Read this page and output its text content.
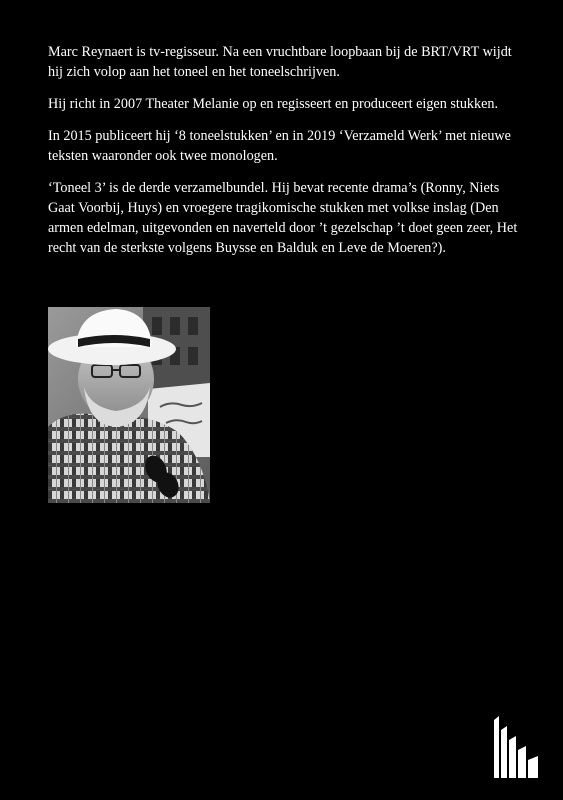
Marc Reynaert is tv-regisseur. Na een vruchtbare loopbaan bij de BRT/VRT wijdt hij zich volop aan het toneel en het toneelschrijven.

Hij richt in 2007 Theater Melanie op en regisseert en produceert eigen stukken.

In 2015 publiceert hij ‘8 toneelstukken’ en in 2019 ‘Verzameld Werk’ met nieuwe teksten waaronder ook twee monologen.

‘Toneel 3’ is de derde verzamelbundel. Hij bevat recente drama’s (Ronny, Niets Gaat Voorbij, Huys) en vroegere tragikomische stukken met volkse inslag (Den armen edelman, uitgevonden en naverteld door ’t gezelschap ’t doet geen zeer, Het recht van de sterkste volgens Buysse en Balduk en Leve de Moeren?).
